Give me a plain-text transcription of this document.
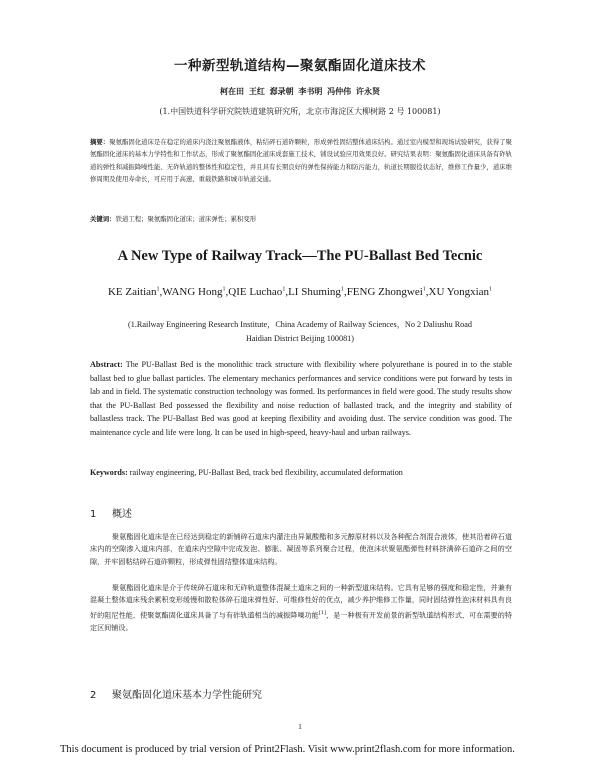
一种新型轨道结构—聚氨酯固化道床技术
柯在田 王红 郄录朝 李书明 冯仲伟 许永贤
(1.中国铁道科学研究院铁道建筑研究所，北京市海淀区大柳树路 2 号 100081)
摘要：聚氨酯固化道床是在稳定的道床内浇注聚氨酯液体，粘结碎石道砟颗粒，形成弹性固结整体道床结构。通过室内模型和现场试验研究，获得了聚氨酯固化道床的基本力学特性和工作状态，形成了聚氨酯固化道床成套施工技术，铺设试验应用效果良好。研究结果表明：聚氨酯固化道床具备有砟轨道的弹性和减振降噪性能、无砟轨道的整体性和稳定性，并且具有长期良好的弹性保持能力和防污能力，轨道长期服役状态好，维修工作量少，道床维修周期及使用寿命长，可应用于高速、重载铁路和城市轨道交通。
关键词：铁道工程；聚氨酯固化道床；道床弹性；累积变形
A New Type of Railway Track—The PU-Ballast Bed Tecnic
KE Zaitian$^1$,WANG Hong$^1$,QIE Luchao$^1$,LI Shuming$^1$,FENG Zhongwei$^1$,XU Yongxian$^1$
(1.Railway Engineering Research Institute，China Academy of Railway Sciences，No 2 Daliushu Road
Haidian District Beijing 100081)
Abstract: The PU-Ballast Bed is the monolithic track structure with flexibility where polyurethane is poured in to the stable ballast bed to glue ballast particles. The elementary mechanics performances and service conditions were put forward by tests in lab and in field. The systematic construction technology was formed. Its performances in field were good. The study results show that the PU-Ballast Bed possessed the flexibility and noise reduction of ballasted track, and the integrity and stability of ballastless track. The PU-Ballast Bed was good at keeping flexibility and avoiding dust. The service condition was good. The maintenance cycle and life were long. It can be used in high-speed, heavy-haul and urban railways.
Keywords: railway engineering, PU-Ballast Bed, track bed flexibility, accumulated deformation
1 概述
聚氨酯固化道床是在已经达到稳定的新铺碎石道床内灌注由异氰酸酯和多元醇原材料以及各种配合剂混合液体，使其沿着碎石道床内的空隙渗入道床内部，在道床内空隙中完成发泡、膨胀、凝固等系列聚合过程，使泡沫状聚氨酯弹性材料挤满碎石道砟之间的空隙，并牢固粘结碎石道砟颗粒，形成弹性固结整体道床结构。
聚氨酯固化道床是介于传统碎石道床和无砟轨道整体混凝土道床之间的一种新型道床结构。它具有足够的强度和稳定性，并兼有混凝土整体道床残余累积变形缓慢和散粒体碎石道床弹性好、可维修性好的优点，减少养护维修工作量，同时固结弹性泡沫材料具有良好的阻尼性能，使聚氨酯固化道床具备了与有砟轨道相当的减振降噪功能[1]，是一种极有开发前景的新型轨道结构形式，可在需要的特定区间铺设。
2 聚氨酯固化道床基本力学性能研究
1
This document is produced by trial version of Print2Flash. Visit www.print2flash.com for more information.
